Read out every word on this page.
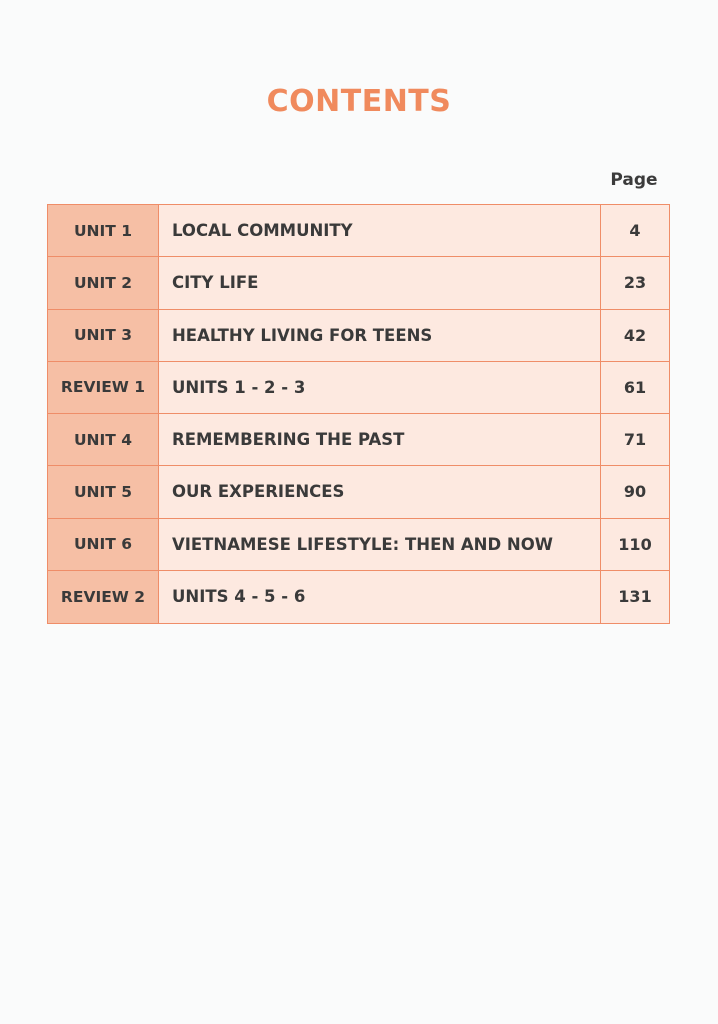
CONTENTS
Page
UNIT 1	LOCAL COMMUNITY	4
UNIT 2	CITY LIFE	23
UNIT 3	HEALTHY LIVING FOR TEENS	42
REVIEW 1	UNITS 1 - 2 - 3	61
UNIT 4	REMEMBERING THE PAST	71
UNIT 5	OUR EXPERIENCES	90
UNIT 6	VIETNAMESE LIFESTYLE: THEN AND NOW	110
REVIEW 2	UNITS 4 - 5 - 6	131
